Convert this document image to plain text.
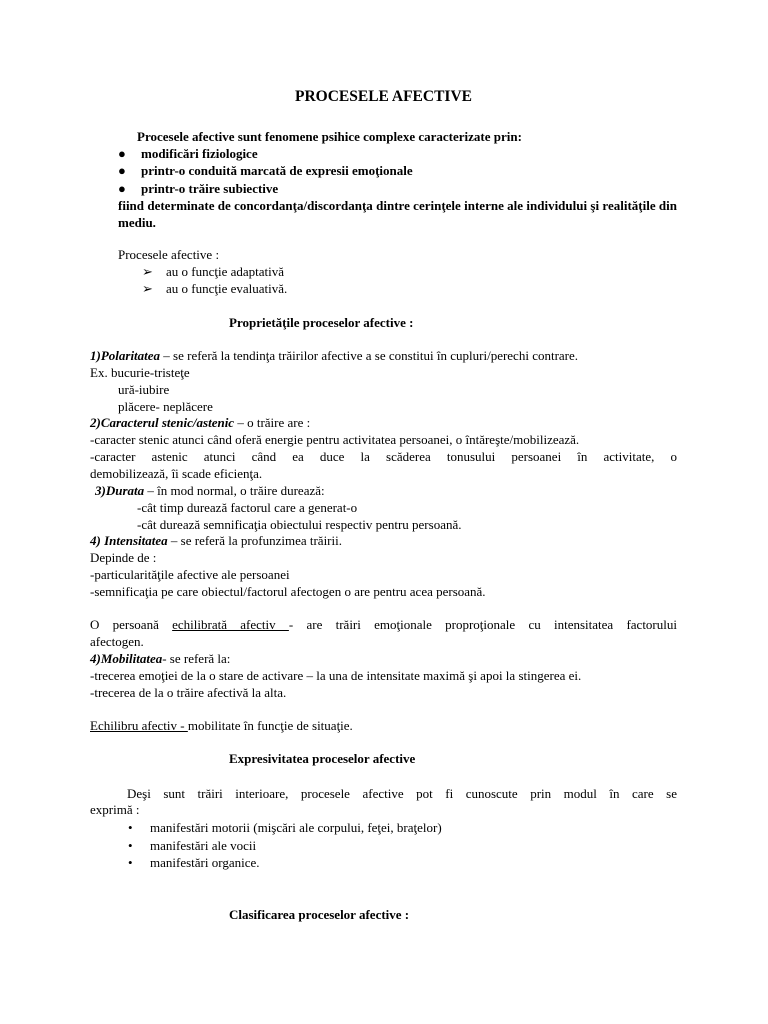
PROCESELE AFECTIVE
Procesele afective sunt fenomene psihice complexe caracterizate prin:
● modificări fiziologice
● printr-o conduită marcată de expresii emoţionale
● printr-o trăire subiective
fiind determinate de concordanţa/discordanţa dintre cerinţele interne ale individului şi realităţile din mediu.
Procesele afective :
➢ au o funcţie adaptativă
➢ au o funcţie evaluativă.
Proprietăţile proceselor afective :
1)Polaritatea – se referă la tendinţa trăirilor afective a se constitui în cupluri/perechi contrare.
Ex. bucurie-tristeţe
ură-iubire
plăcere- neplăcere
2)Caracterul stenic/astenic – o trăire are :
-caracter stenic atunci când oferă energie pentru activitatea persoanei, o întăreşte/mobilizează.
-caracter astenic atunci când ea duce la scăderea tonusului persoanei în activitate, o
demobilizează, îi scade eficienţa.
3)Durata – în mod normal, o trăire durează:
-cât timp durează factorul care a generat-o
-cât durează semnificaţia obiectului respectiv pentru persoană.
4) Intensitatea – se referă la profunzimea trăirii.
Depinde de :
-particularităţile afective ale persoanei
-semnificaţia pe care obiectul/factorul afectogen o are pentru acea persoană.
O persoană echilibrată afectiv - are trăiri emoţionale proproţionale cu intensitatea factorului
afectogen.
4)Mobilitatea- se referă la:
-trecerea emoţiei de la o stare de activare – la una de intensitate maximă şi apoi la stingerea ei.
-trecerea de la o trăire afectivă la alta.
Echilibru afectiv - mobilitate în funcţie de situaţie.
Expresivitatea proceselor afective
Deşi sunt trăiri interioare, procesele afective pot fi cunoscute prin modul în care se
exprimă :
• manifestări motorii (mişcări ale corpului, feţei, braţelor)
• manifestări ale vocii
• manifestări organice.
Clasificarea proceselor afective :
